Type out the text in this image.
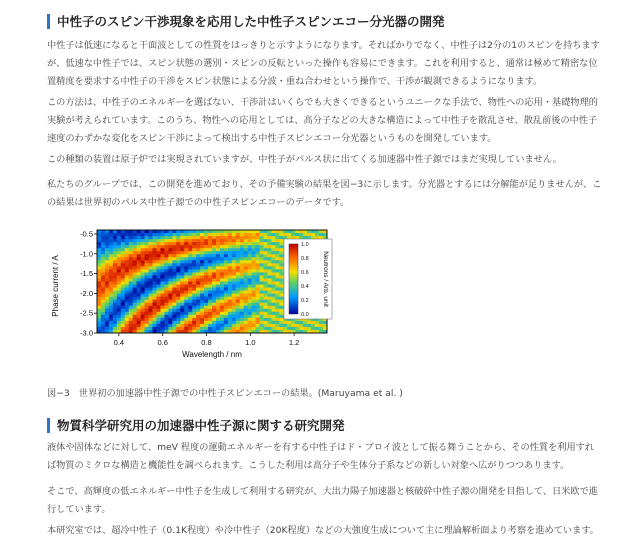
中性子のスピン干渉現象を応用した中性子スピンエコー分光器の開発

中性子は低速になると干面波としての性質をはっきりと示すようになります。そればかりでなく、中性子は2分の1のスピンを持ちますが、低速な中性子では、スピン状態の選別・スピンの反転といった操作も容易にできます。これを利用すると、通常は極めて精密な位置精度を要求する中性子の干渉をスピン状態による分波・重ね合わせという操作で、干渉が観測できるようになります。

この方法は、中性子のエネルギーを選ばない、干渉計はいくらでも大きくできるというユニークな手法で、物性への応用・基礎物理的実験が考えられています。このうち、物性への応用としては、高分子などの大きな構造によって中性子を散乱させ、散乱前後の中性子速度のわずかな変化をスピン干渉によって検出する中性子スピンエコー分光器というものを開発しています。

この種類の装置は原子炉では実現されていますが、中性子がパルス状に出てくる加速器中性子源ではまだ実現していません。

私たちのグループでは、この開発を進めており、その予備実験の結果を図−3に示します。分光器とするには分解能が足りませんが、この結果は世界初のパルス中性子源での中性子スピンエコーのデータです。

-0.5
-1.0
-1.5
-2.0
-2.5
-3.0
0.4	0.6	0.8	1.0	1.2
Phase current / A
Wavelength / nm
1.0
0.8
0.6
0.4
0.2
0.0
Neutrons / Arb. unit
図−3　世界初の加速器中性子源での中性子スピンエコーの結果。(Maruyama et al. )
物質科学研究用の加速器中性子源に関する研究開発

液体や固体などに対して、meV 程度の運動エネルギーを有する中性子はド・ブロイ波として振る舞うことから、その性質を利用すれば物質のミクロな構造と機能性を調べられます。こうした利用は高分子や生体分子系などの新しい対象へ広がりつつあります。

そこで、高輝度の低エネルギー中性子を生成して利用する研究が、大出力陽子加速器と核破砕中性子源の開発を目指して、日米欧で進行しています。

本研究室では、超冷中性子（0.1K程度）や冷中性子（20K程度）などの大強度生成について主に理論解析面より考察を進めています。
